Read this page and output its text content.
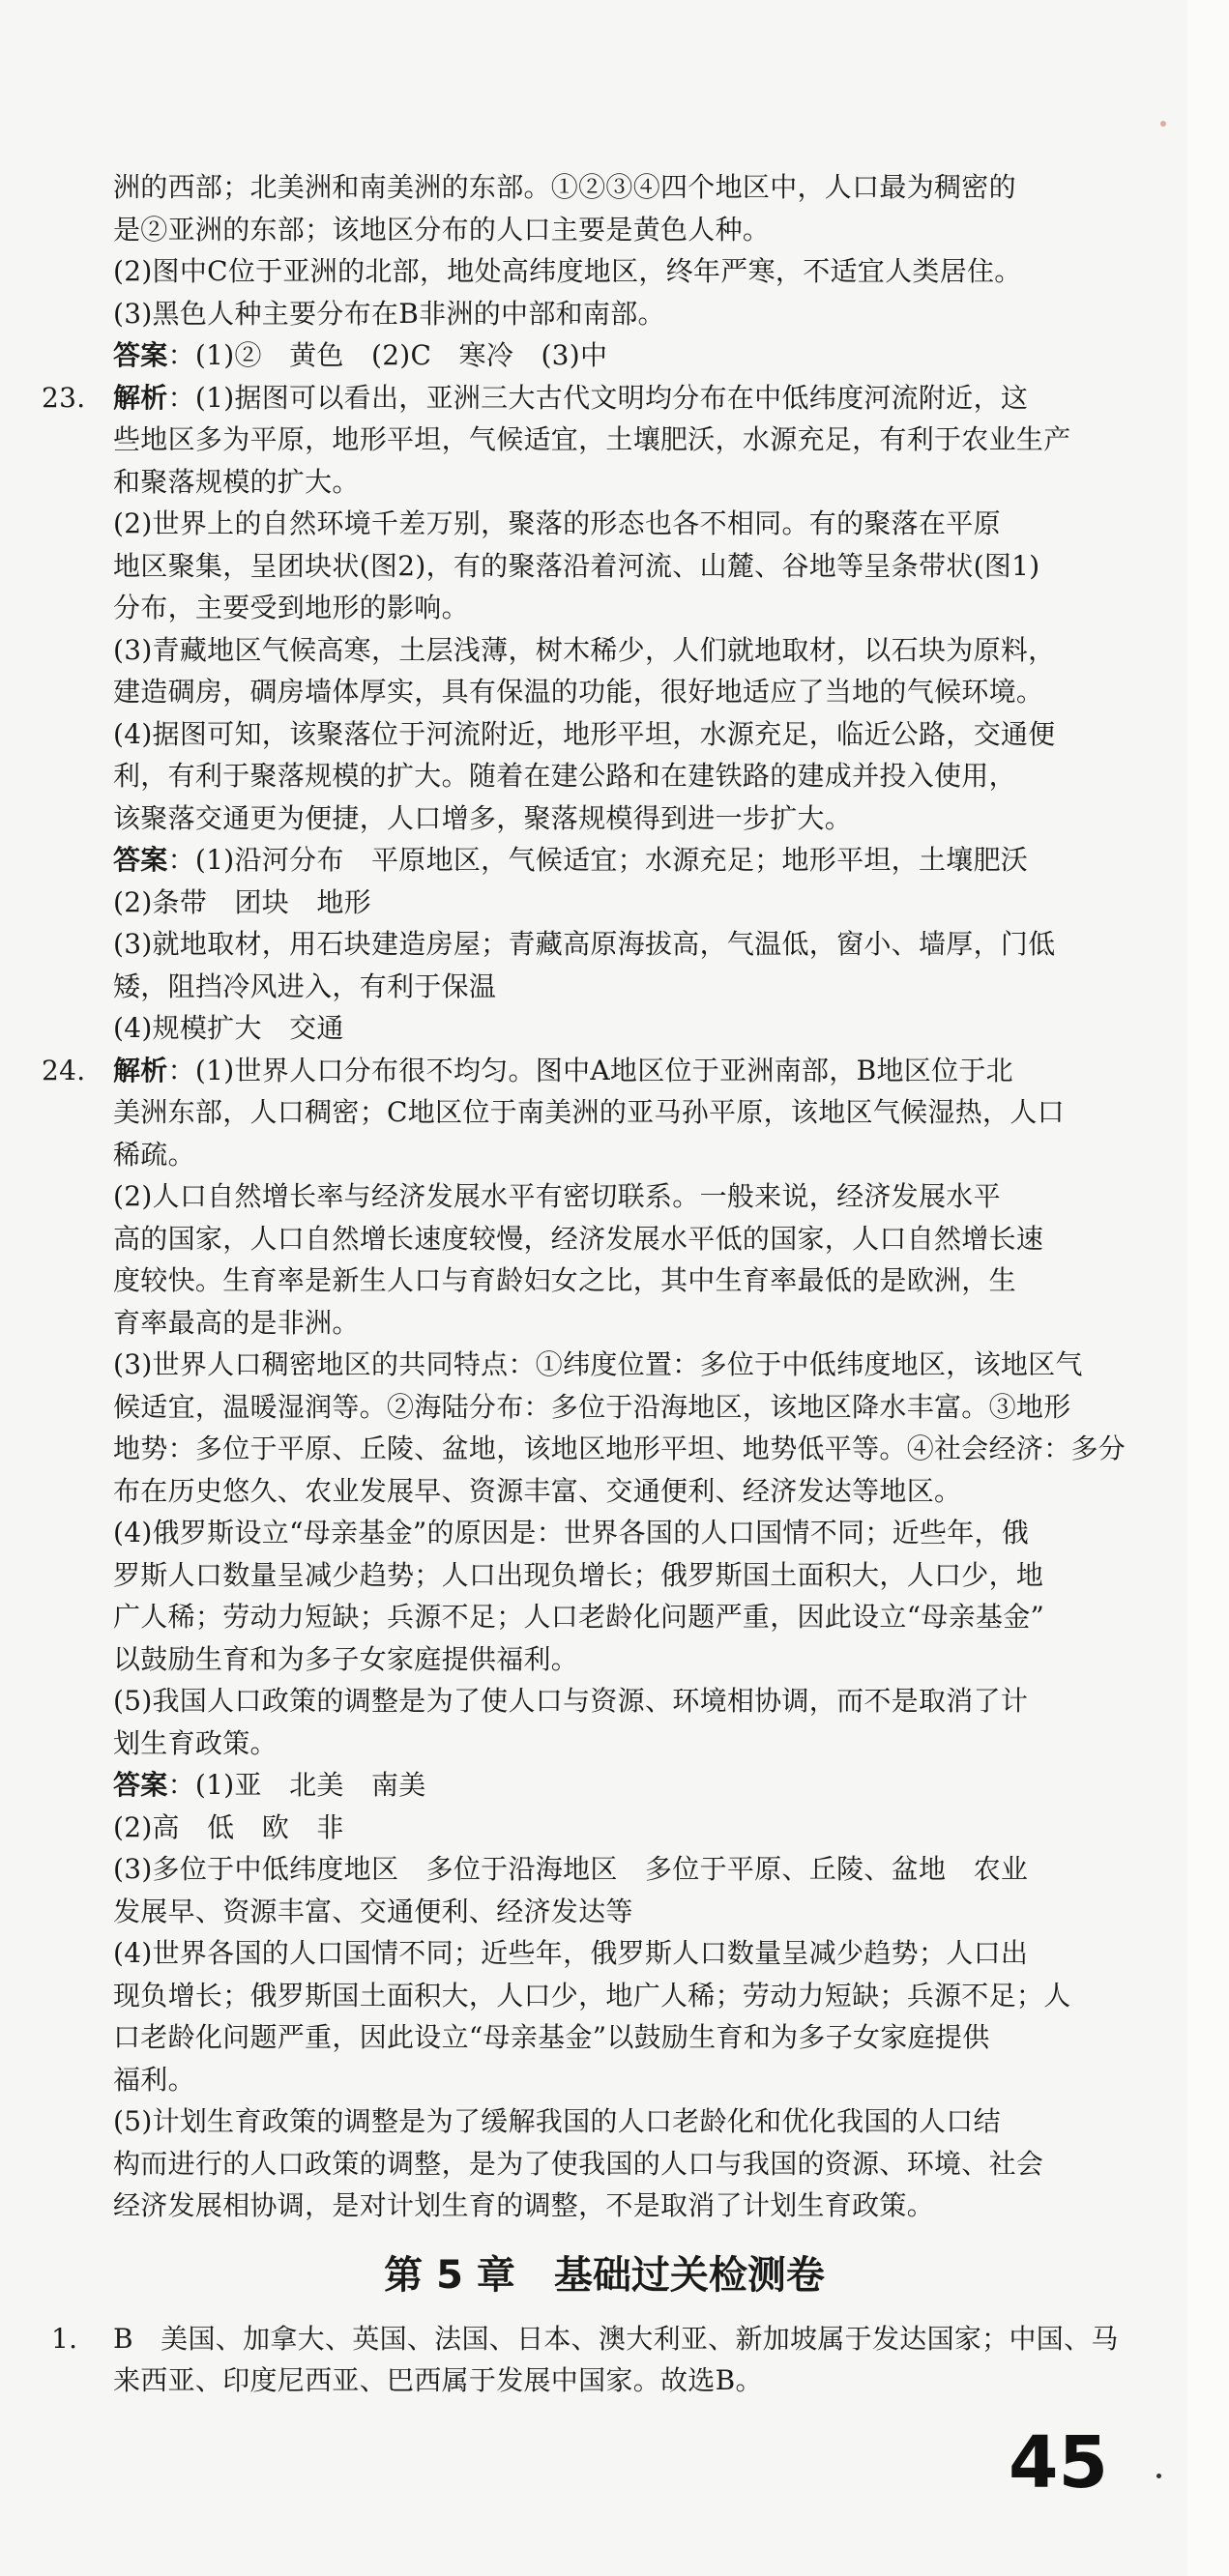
洲的西部；北美洲和南美洲的东部。①②③④四个地区中，人口最为稠密的
是②亚洲的东部；该地区分布的人口主要是黄色人种。
(2)图中C位于亚洲的北部，地处高纬度地区，终年严寒，不适宜人类居住。
(3)黑色人种主要分布在B非洲的中部和南部。
答案：(1)②　黄色　(2)C　寒冷　(3)中
23. 解析：(1)据图可以看出，亚洲三大古代文明均分布在中低纬度河流附近，这
些地区多为平原，地形平坦，气候适宜，土壤肥沃，水源充足，有利于农业生产
和聚落规模的扩大。
(2)世界上的自然环境千差万别，聚落的形态也各不相同。有的聚落在平原
地区聚集，呈团块状(图2)，有的聚落沿着河流、山麓、谷地等呈条带状(图1)
分布，主要受到地形的影响。
(3)青藏地区气候高寒，土层浅薄，树木稀少，人们就地取材，以石块为原料，
建造碉房，碉房墙体厚实，具有保温的功能，很好地适应了当地的气候环境。
(4)据图可知，该聚落位于河流附近，地形平坦，水源充足，临近公路，交通便
利，有利于聚落规模的扩大。随着在建公路和在建铁路的建成并投入使用，
该聚落交通更为便捷，人口增多，聚落规模得到进一步扩大。
答案：(1)沿河分布　平原地区，气候适宜；水源充足；地形平坦，土壤肥沃
(2)条带　团块　地形
(3)就地取材，用石块建造房屋；青藏高原海拔高，气温低，窗小、墙厚，门低
矮，阻挡冷风进入，有利于保温
(4)规模扩大　交通
24. 解析：(1)世界人口分布很不均匀。图中A地区位于亚洲南部，B地区位于北
美洲东部，人口稠密；C地区位于南美洲的亚马孙平原，该地区气候湿热，人口
稀疏。
(2)人口自然增长率与经济发展水平有密切联系。一般来说，经济发展水平
高的国家，人口自然增长速度较慢，经济发展水平低的国家，人口自然增长速
度较快。生育率是新生人口与育龄妇女之比，其中生育率最低的是欧洲，生
育率最高的是非洲。
(3)世界人口稠密地区的共同特点：①纬度位置：多位于中低纬度地区，该地区气
候适宜，温暖湿润等。②海陆分布：多位于沿海地区，该地区降水丰富。③地形
地势：多位于平原、丘陵、盆地，该地区地形平坦、地势低平等。④社会经济：多分
布在历史悠久、农业发展早、资源丰富、交通便利、经济发达等地区。
(4)俄罗斯设立“母亲基金”的原因是：世界各国的人口国情不同；近些年，俄
罗斯人口数量呈减少趋势；人口出现负增长；俄罗斯国土面积大，人口少，地
广人稀；劳动力短缺；兵源不足；人口老龄化问题严重，因此设立“母亲基金”
以鼓励生育和为多子女家庭提供福利。
(5)我国人口政策的调整是为了使人口与资源、环境相协调，而不是取消了计
划生育政策。
答案：(1)亚　北美　南美
(2)高　低　欧　非
(3)多位于中低纬度地区　多位于沿海地区　多位于平原、丘陵、盆地　农业
发展早、资源丰富、交通便利、经济发达等
(4)世界各国的人口国情不同；近些年，俄罗斯人口数量呈减少趋势；人口出
现负增长；俄罗斯国土面积大，人口少，地广人稀；劳动力短缺；兵源不足；人
口老龄化问题严重，因此设立“母亲基金”以鼓励生育和为多子女家庭提供
福利。
(5)计划生育政策的调整是为了缓解我国的人口老龄化和优化我国的人口结
构而进行的人口政策的调整，是为了使我国的人口与我国的资源、环境、社会
经济发展相协调，是对计划生育的调整，不是取消了计划生育政策。
第 5 章 基础过关检测卷
1. B　美国、加拿大、英国、法国、日本、澳大利亚、新加坡属于发达国家；中国、马
来西亚、印度尼西亚、巴西属于发展中国家。故选B。
45
